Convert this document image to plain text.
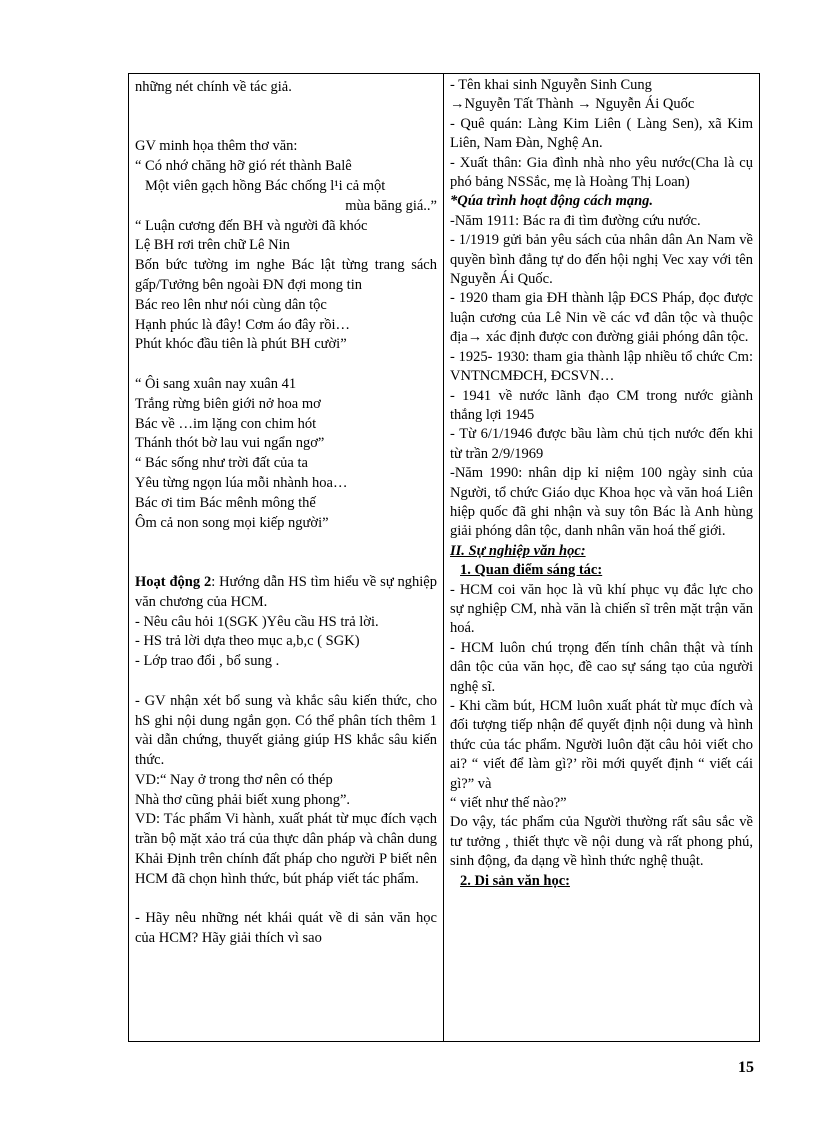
những nét chính về tác giả.

GV minh họa thêm thơ văn:

“ Có nhớ chăng hỡ gió rét thành Balê

Một viên gạch hồng Bác chống l¹i cả một

mùa băng giá..”

“ Luận cương đến BH và người đã khóc

Lệ BH rơi trên chữ Lê Nin

Bốn bức tường im nghe Bác lật từng trang sách gấp/Tưởng bên ngoài ĐN đợi mong tin

Bác reo lên như nói cùng dân tộc

Hạnh phúc là đây! Cơm áo đây rồi…

Phút khóc đầu tiên là phút BH cười”

“ Ôi sang xuân nay xuân 41

Trắng rừng biên giới nở hoa mơ

Bác về …im lặng con chim hót

Thánh thót bờ lau vui ngẩn ngơ”

“ Bác sống như trời đất của ta

Yêu từng ngọn lúa mỗi nhành hoa…

Bác ơi tim Bác mênh mông thế

Ôm cả non song mọi kiếp người”

Hoạt động 2: Hướng dẫn HS tìm hiểu về sự nghiệp văn chương của HCM.

- Nêu câu hỏi 1(SGK )Yêu cầu HS trả lời.

- HS trả lời dựa theo mục a,b,c ( SGK)

- Lớp trao đổi , bổ sung .

- GV nhận xét bổ sung và khắc sâu kiến thức, cho hS ghi nội dung ngắn gọn. Có thể phân tích thêm 1 vài dẫn chứng, thuyết giảng giúp HS khắc sâu kiến thức.

VD:“ Nay ở trong thơ nên có thép

Nhà thơ cũng phải biết xung phong”.

VD: Tác phẩm Vi hành, xuất phát từ mục đích vạch trần bộ mặt xảo trá của thực dân pháp và chân dung Khải Định trên chính đất pháp cho người P biết nên HCM đã chọn hình thức, bút pháp viết tác phẩm.

- Hãy nêu những nét khái quát về di sản văn học của HCM? Hãy giải thích vì sao

- Tên khai sinh Nguyễn Sinh Cung

→Nguyễn Tất Thành → Nguyễn Ái Quốc

- Quê quán: Làng Kim Liên ( Làng Sen), xã Kim Liên, Nam Đàn, Nghệ An.

- Xuất thân: Gia đình nhà nho yêu nước(Cha là cụ phó bảng NSSắc, mẹ là Hoàng Thị Loan)

*Qúa trình hoạt động cách mạng.

-Năm 1911: Bác ra đi tìm đường cứu nước.

- 1/1919 gửi bản yêu sách của nhân dân An Nam về quyền bình đẳng tự do đến hội nghị Vec xay với tên Nguyễn Ái Quốc.

- 1920 tham gia ĐH thành lập ĐCS Pháp, đọc được luận cương của Lê Nin về các vđ dân tộc và thuộc địa→ xác định được con đường giải phóng dân tộc.

- 1925- 1930: tham gia thành lập nhiều tổ chức Cm: VNTNCMĐCH, ĐCSVN…

- 1941 về nước lãnh đạo CM trong nước giành thắng lợi 1945

- Từ 6/1/1946 được bầu làm chủ tịch nước đến khi từ trần 2/9/1969

-Năm 1990: nhân dịp kỉ niệm 100 ngày sinh của Người, tổ chức Giáo dục Khoa học và văn hoá Liên hiệp quốc đã ghi nhận và suy tôn Bác là Anh hùng giải phóng dân tộc, danh nhân văn hoá thế giới.

II. Sự nghiệp văn học:

1. Quan điểm sáng tác:

- HCM coi văn học là vũ khí phục vụ đắc lực cho sự nghiệp CM, nhà văn là chiến sĩ trên mặt trận văn hoá.

- HCM luôn chú trọng đến tính chân thật và tính dân tộc của văn học, đề cao sự sáng tạo của người nghệ sĩ.

- Khi cầm bút, HCM luôn xuất phát từ mục đích và đối tượng tiếp nhận để quyết định nội dung và hình thức của tác phẩm. Người luôn đặt câu hỏi viết cho ai? “ viết để làm gì?’ rồi mới quyết định “ viết cái gì?” và

“ viết như thế nào?”

Do vậy, tác phẩm của Người thường rất sâu sắc về tư tưởng , thiết thực về nội dung và rất phong phú, sinh động, đa dạng về hình thức nghệ thuật.

2. Di sản văn học:

15
